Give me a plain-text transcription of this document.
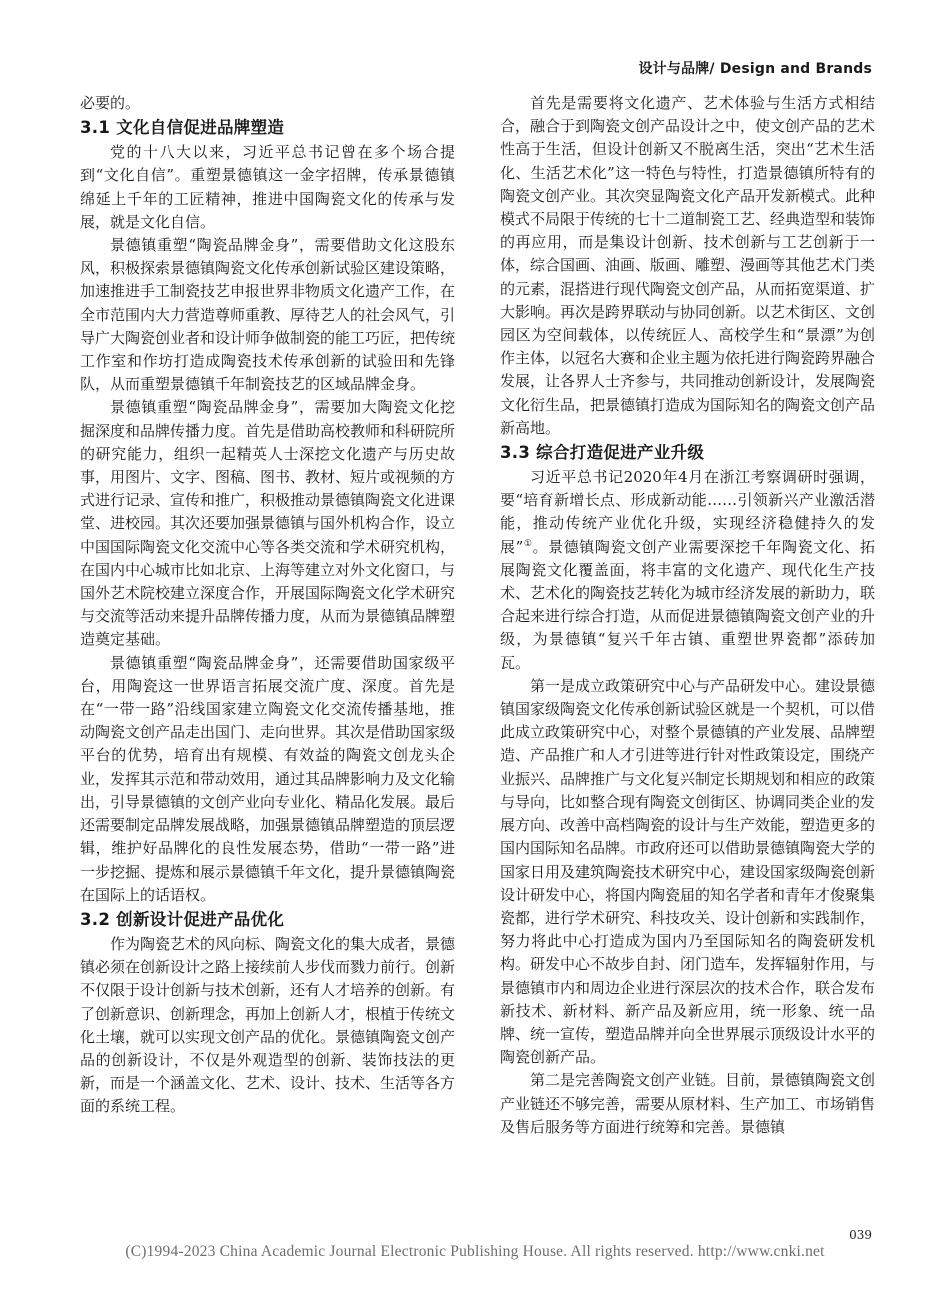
设计与品牌/ Design and Brands

必要的。

3.1 文化自信促进品牌塑造

党的十八大以来，习近平总书记曾在多个场合提到“文化自信”。重塑景德镇这一金字招牌，传承景德镇绵延上千年的工匠精神，推进中国陶瓷文化的传承与发展，就是文化自信。

景德镇重塑“陶瓷品牌金身”，需要借助文化这股东风，积极探索景德镇陶瓷文化传承创新试验区建设策略，加速推进手工制瓷技艺申报世界非物质文化遗产工作，在全市范围内大力营造尊师重教、厚待艺人的社会风气，引导广大陶瓷创业者和设计师争做制瓷的能工巧匠，把传统工作室和作坊打造成陶瓷技术传承创新的试验田和先锋队，从而重塑景德镇千年制瓷技艺的区域品牌金身。

景德镇重塑“陶瓷品牌金身”，需要加大陶瓷文化挖掘深度和品牌传播力度。首先是借助高校教师和科研院所的研究能力，组织一起精英人士深挖文化遗产与历史故事，用图片、文字、图稿、图书、教材、短片或视频的方式进行记录、宣传和推广，积极推动景德镇陶瓷文化进课堂、进校园。其次还要加强景德镇与国外机构合作，设立中国国际陶瓷文化交流中心等各类交流和学术研究机构，在国内中心城市比如北京、上海等建立对外文化窗口，与国外艺术院校建立深度合作，开展国际陶瓷文化学术研究与交流等活动来提升品牌传播力度，从而为景德镇品牌塑造奠定基础。

景德镇重塑“陶瓷品牌金身”，还需要借助国家级平台，用陶瓷这一世界语言拓展交流广度、深度。首先是在“一带一路”沿线国家建立陶瓷文化交流传播基地，推动陶瓷文创产品走出国门、走向世界。其次是借助国家级平台的优势，培育出有规模、有效益的陶瓷文创龙头企业，发挥其示范和带动效用，通过其品牌影响力及文化输出，引导景德镇的文创产业向专业化、精品化发展。最后还需要制定品牌发展战略，加强景德镇品牌塑造的顶层逻辑，维护好品牌化的良性发展态势，借助“一带一路”进一步挖掘、提炼和展示景德镇千年文化，提升景德镇陶瓷在国际上的话语权。

3.2 创新设计促进产品优化

作为陶瓷艺术的风向标、陶瓷文化的集大成者，景德镇必须在创新设计之路上接续前人步伐而戮力前行。创新不仅限于设计创新与技术创新，还有人才培养的创新。有了创新意识、创新理念，再加上创新人才，根植于传统文化土壤，就可以实现文创产品的优化。景德镇陶瓷文创产品的创新设计，不仅是外观造型的创新、装饰技法的更新，而是一个涵盖文化、艺术、设计、技术、生活等各方面的系统工程。

首先是需要将文化遗产、艺术体验与生活方式相结合，融合于到陶瓷文创产品设计之中，使文创产品的艺术性高于生活，但设计创新又不脱离生活，突出“艺术生活化、生活艺术化”这一特色与特性，打造景德镇所特有的陶瓷文创产业。其次突显陶瓷文化产品开发新模式。此种模式不局限于传统的七十二道制瓷工艺、经典造型和装饰的再应用，而是集设计创新、技术创新与工艺创新于一体，综合国画、油画、版画、雕塑、漫画等其他艺术门类的元素，混搭进行现代陶瓷文创产品，从而拓宽渠道、扩大影响。再次是跨界联动与协同创新。以艺术街区、文创园区为空间载体，以传统匠人、高校学生和“景漂”为创作主体，以冠名大赛和企业主题为依托进行陶瓷跨界融合发展，让各界人士齐参与，共同推动创新设计，发展陶瓷文化衍生品，把景德镇打造成为国际知名的陶瓷文创产品新高地。

3.3 综合打造促进产业升级

习近平总书记2020年4月在浙江考察调研时强调，要“培育新增长点、形成新动能……引领新兴产业激活潜能，推动传统产业优化升级，实现经济稳健持久的发展”①。景德镇陶瓷文创产业需要深挖千年陶瓷文化、拓展陶瓷文化覆盖面，将丰富的文化遗产、现代化生产技术、艺术化的陶瓷技艺转化为城市经济发展的新助力，联合起来进行综合打造，从而促进景德镇陶瓷文创产业的升级，为景德镇“复兴千年古镇、重塑世界瓷都”添砖加瓦。

第一是成立政策研究中心与产品研发中心。建设景德镇国家级陶瓷文化传承创新试验区就是一个契机，可以借此成立政策研究中心，对整个景德镇的产业发展、品牌塑造、产品推广和人才引进等进行针对性政策设定，围绕产业振兴、品牌推广与文化复兴制定长期规划和相应的政策与导向，比如整合现有陶瓷文创街区、协调同类企业的发展方向、改善中高档陶瓷的设计与生产效能，塑造更多的国内国际知名品牌。市政府还可以借助景德镇陶瓷大学的国家日用及建筑陶瓷技术研究中心，建设国家级陶瓷创新设计研发中心，将国内陶瓷届的知名学者和青年才俊聚集瓷都，进行学术研究、科技攻关、设计创新和实践制作，努力将此中心打造成为国内乃至国际知名的陶瓷研发机构。研发中心不故步自封、闭门造车，发挥辐射作用，与景德镇市内和周边企业进行深层次的技术合作，联合发布新技术、新材料、新产品及新应用，统一形象、统一品牌、统一宣传，塑造品牌并向全世界展示顶级设计水平的陶瓷创新产品。

第二是完善陶瓷文创产业链。目前，景德镇陶瓷文创产业链还不够完善，需要从原材料、生产加工、市场销售及售后服务等方面进行统筹和完善。景德镇

039
(C)1994-2023 China Academic Journal Electronic Publishing House. All rights reserved. http://www.cnki.net
